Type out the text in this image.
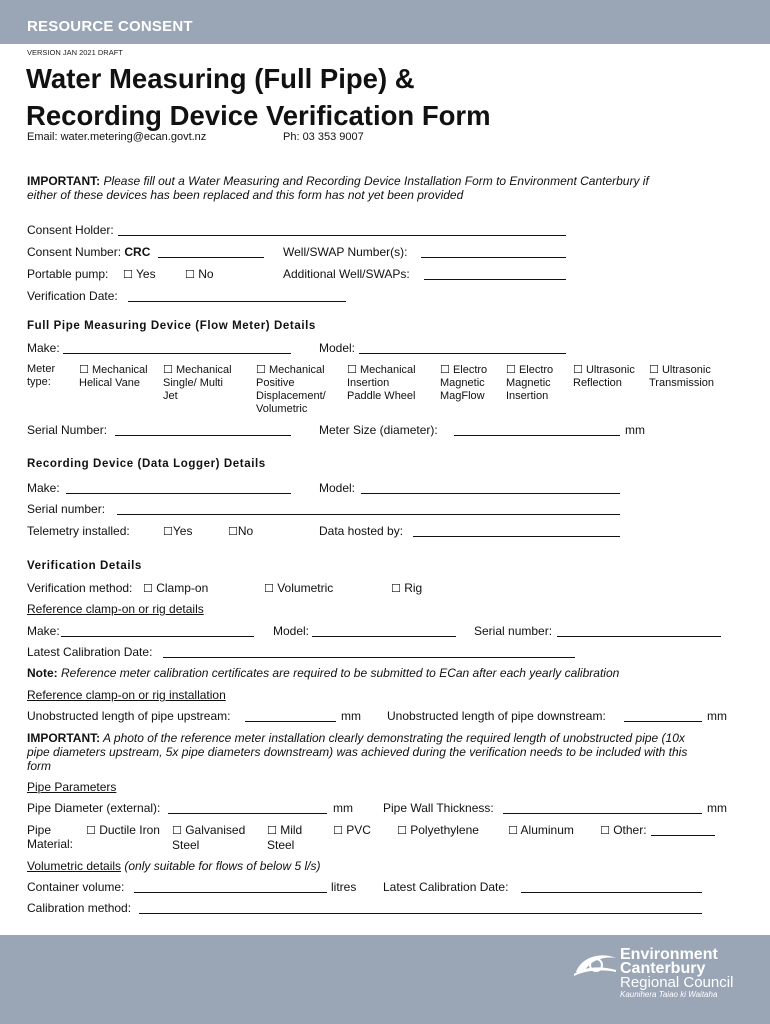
RESOURCE CONSENT
VERSION JAN 2021 DRAFT
Water Measuring (Full Pipe) &
Recording Device Verification Form
Email: water.metering@ecan.govt.nz	Ph: 03 353 9007
IMPORTANT: Please fill out a Water Measuring and Recording Device Installation Form to Environment Canterbury if
either of these devices has been replaced and this form has not yet been provided
Consent Holder:
Consent Number: CRC	Well/SWAP Number(s):
Portable pump: ☐ Yes	☐ No	Additional Well/SWAPs:
Verification Date:
Full Pipe Measuring Device (Flow Meter) Details
Make:	Model:
Meter
type:
☐ Mechanical
Helical Vane
☐ Mechanical
Single/ Multi
Jet
☐ Mechanical
Positive
Displacement/
Volumetric
☐ Mechanical
Insertion
Paddle Wheel
☐ Electro
Magnetic
MagFlow
☐ Electro
Magnetic
Insertion
☐ Ultrasonic
Reflection
☐ Ultrasonic
Transmission
Serial Number:	Meter Size (diameter):	mm
Recording Device (Data Logger) Details
Make:	Model:
Serial number:
Telemetry installed:	☐Yes	☐No	Data hosted by:
Verification Details
Verification method: ☐ Clamp-on	☐ Volumetric	☐ Rig
Reference clamp-on or rig details
Make:	Model:	Serial number:
Latest Calibration Date:
Note: Reference meter calibration certificates are required to be submitted to ECan after each yearly calibration
Reference clamp-on or rig installation
Unobstructed length of pipe upstream:	mm Unobstructed length of pipe downstream:	mm
IMPORTANT: A photo of the reference meter installation clearly demonstrating the required length of unobstructed pipe (10x
pipe diameters upstream, 5x pipe diameters downstream) was achieved during the verification needs to be included with this
form
Pipe Parameters
Pipe Diameter (external):	mm	Pipe Wall Thickness:	mm
Pipe
Material:
☐ Ductile Iron ☐ Galvanised
Steel
☐ Mild
Steel
☐ PVC ☐ Polyethylene	☐ Aluminum ☐ Other:
Volumetric details (only suitable for flows of below 5 l/s)
Container volume:	litres Latest Calibration Date:
Calibration method:
Environment
Canterbury
Regional Council
Kaunihera Taiao ki Waitaha
